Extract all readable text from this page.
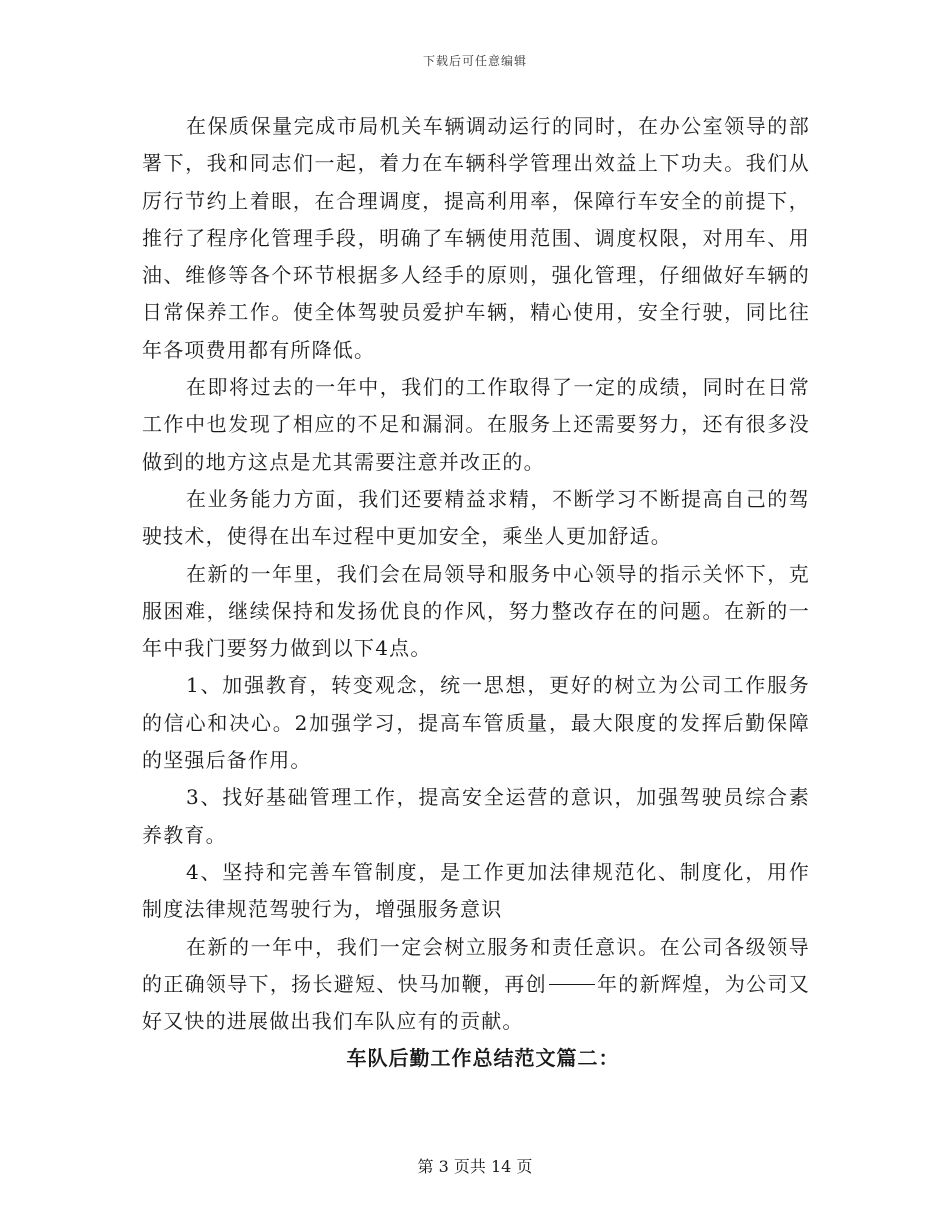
下载后可任意编辑

在保质保量完成市局机关车辆调动运行的同时，在办公室领导的部署下，我和同志们一起，着力在车辆科学管理出效益上下功夫。我们从厉行节约上着眼，在合理调度，提高利用率，保障行车安全的前提下，推行了程序化管理手段，明确了车辆使用范围、调度权限，对用车、用油、维修等各个环节根据多人经手的原则，强化管理，仔细做好车辆的日常保养工作。使全体驾驶员爱护车辆，精心使用，安全行驶，同比往年各项费用都有所降低。

在即将过去的一年中，我们的工作取得了一定的成绩，同时在日常工作中也发现了相应的不足和漏洞。在服务上还需要努力，还有很多没做到的地方这点是尤其需要注意并改正的。

在业务能力方面，我们还要精益求精，不断学习不断提高自己的驾驶技术，使得在出车过程中更加安全，乘坐人更加舒适。

在新的一年里，我们会在局领导和服务中心领导的指示关怀下，克服困难，继续保持和发扬优良的作风，努力整改存在的问题。在新的一年中我门要努力做到以下4点。

1、加强教育，转变观念，统一思想，更好的树立为公司工作服务的信心和决心。2加强学习，提高车管质量，最大限度的发挥后勤保障的坚强后备作用。

3、找好基础管理工作，提高安全运营的意识，加强驾驶员综合素养教育。

4、坚持和完善车管制度，是工作更加法律规范化、制度化，用作制度法律规范驾驶行为，增强服务意识

在新的一年中，我们一定会树立服务和责任意识。在公司各级领导的正确领导下，扬长避短、快马加鞭，再创	年的新辉煌，为公司又好又快的进展做出我们车队应有的贡献。

车队后勤工作总结范文篇二：

第 3 页共 14 页
